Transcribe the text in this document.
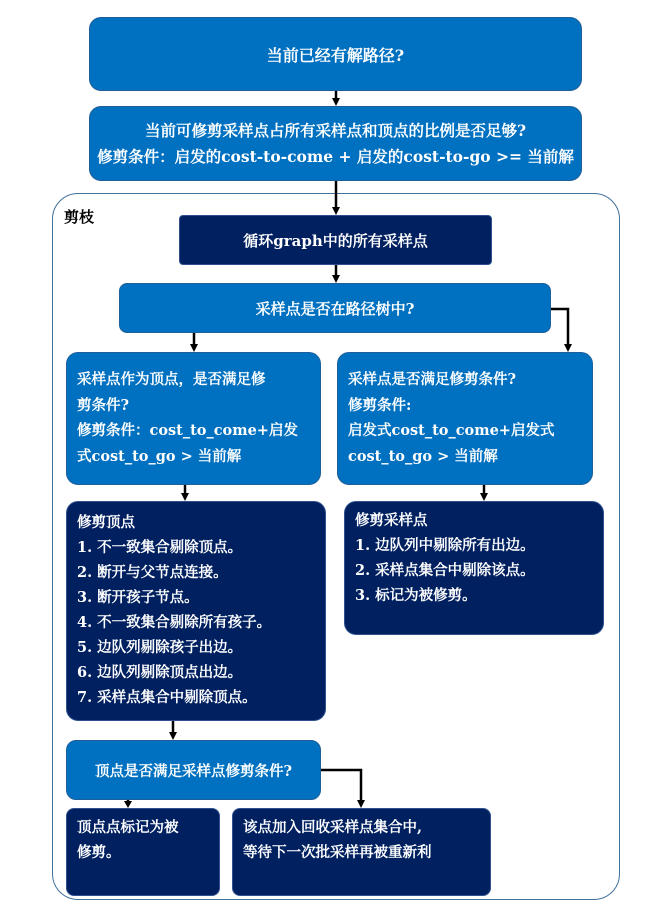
当前已经有解路径?
当前可修剪采样点占所有采样点和顶点的比例是否足够?
修剪条件：启发的cost-to-come + 启发的cost-to-go >= 当前解
剪枝
循环graph中的所有采样点
采样点是否在路径树中?
采样点作为顶点，是否满足修
剪条件?
修剪条件：cost_to_come+启发
式cost_to_go > 当前解
采样点是否满足修剪条件?
修剪条件:
启发式cost_to_come+启发式
cost_to_go > 当前解
修剪顶点
1. 不一致集合剔除顶点。
2. 断开与父节点连接。
3. 断开孩子节点。
4. 不一致集合剔除所有孩子。
5. 边队列剔除孩子出边。
6. 边队列剔除顶点出边。
7. 采样点集合中剔除顶点。
修剪采样点
1. 边队列中剔除所有出边。
2. 采样点集合中剔除该点。
3. 标记为被修剪。
顶点是否满足采样点修剪条件?
顶点点标记为被
修剪。
该点加入回收采样点集合中,
等待下一次批采样再被重新利
